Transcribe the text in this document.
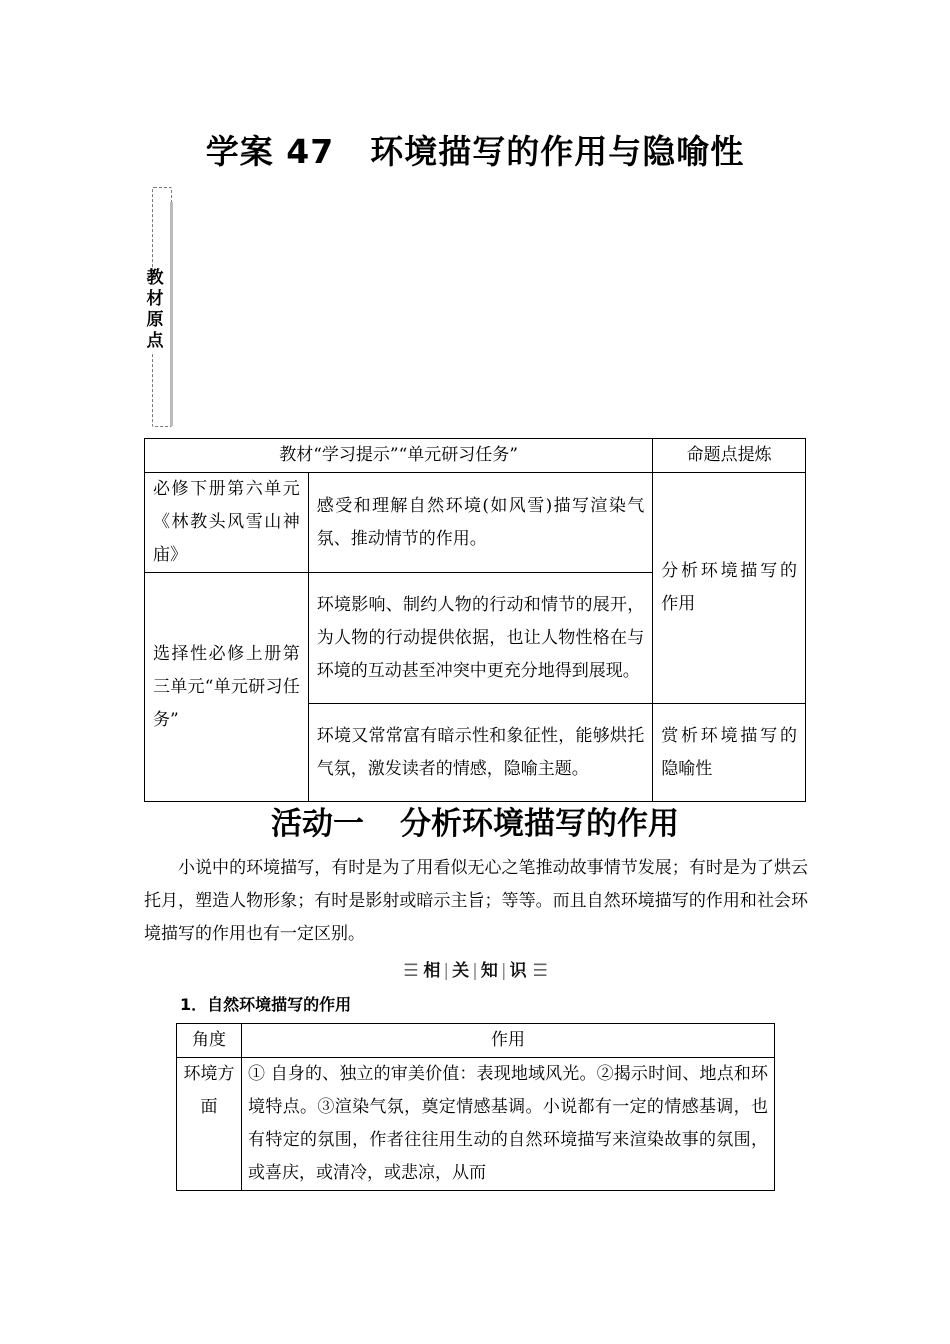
学案 47 环境描写的作用与隐喻性
教
材
原
点
教材“学习提示”“单元研习任务”		命题点提炼
必修下册第六单元《林教头风雪山神庙》	感受和理解自然环境(如风雪)描写渲染气氛、推动情节的作用。	分析环境描写的作用
选择性必修上册第三单元“单元研习任务”	环境影响、制约人物的行动和情节的展开，为人物的行动提供依据，也让人物性格在与环境的互动甚至冲突中更充分地得到展现。	
	环境又常常富有暗示性和象征性，能够烘托气氛，激发读者的情感，隐喻主题。	赏析环境描写的隐喻性
活动一 分析环境描写的作用
小说中的环境描写，有时是为了用看似无心之笔推动故事情节发展；有时是为了烘云托月，塑造人物形象；有时是影射或暗示主旨；等等。而且自然环境描写的作用和社会环境描写的作用也有一定区别。
☰ 相 | 关 | 知 | 识 ☰
1．自然环境描写的作用
角度	作用
环境方面	① 自身的、独立的审美价值：表现地域风光。②揭示时间、地点和环境特点。③渲染气氛，奠定情感基调。小说都有一定的情感基调，也有特定的氛围，作者往往用生动的自然环境描写来渲染故事的氛围，或喜庆，或清冷，或悲凉，从而
